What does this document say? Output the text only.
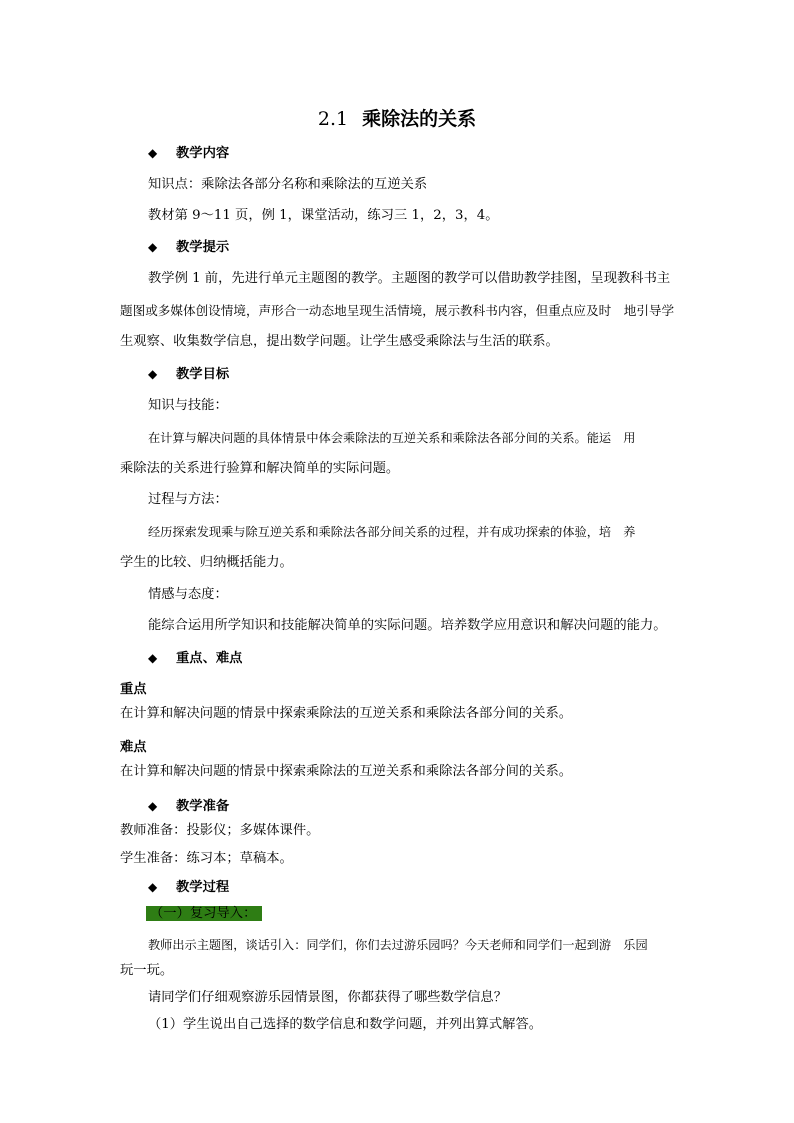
2.1 乘除法的关系
◆ 教学内容
知识点：乘除法各部分名称和乘除法的互逆关系
教材第 9～11 页，例 1，课堂活动，练习三 1，2，3，4。
◆ 教学提示
教学例 1 前，先进行单元主题图的教学。主题图的教学可以借助教学挂图，呈现教科书主
题图或多媒体创设情境，声形合一动态地呈现生活情境，展示教科书内容，但重点应及时　地引导学
生观察、收集数学信息，提出数学问题。让学生感受乘除法与生活的联系。
◆ 教学目标
知识与技能：
在计算与解决问题的具体情景中体会乘除法的互逆关系和乘除法各部分间的关系。能运　用
乘除法的关系进行验算和解决简单的实际问题。
过程与方法：
经历探索发现乘与除互逆关系和乘除法各部分间关系的过程，并有成功探索的体验，培　养
学生的比较、归纳概括能力。
情感与态度：
能综合运用所学知识和技能解决简单的实际问题。培养数学应用意识和解决问题的能力。
◆ 重点、难点
重点
在计算和解决问题的情景中探索乘除法的互逆关系和乘除法各部分间的关系。
难点
在计算和解决问题的情景中探索乘除法的互逆关系和乘除法各部分间的关系。
◆ 教学准备
教师准备：投影仪；多媒体课件。
学生准备：练习本；草稿本。
◆ 教学过程
（一）复习导入：
教师出示主题图，谈话引入：同学们，你们去过游乐园吗？今天老师和同学们一起到游　乐园
玩一玩。
请同学们仔细观察游乐园情景图，你都获得了哪些数学信息？
（1）学生说出自己选择的数学信息和数学问题，并列出算式解答。
